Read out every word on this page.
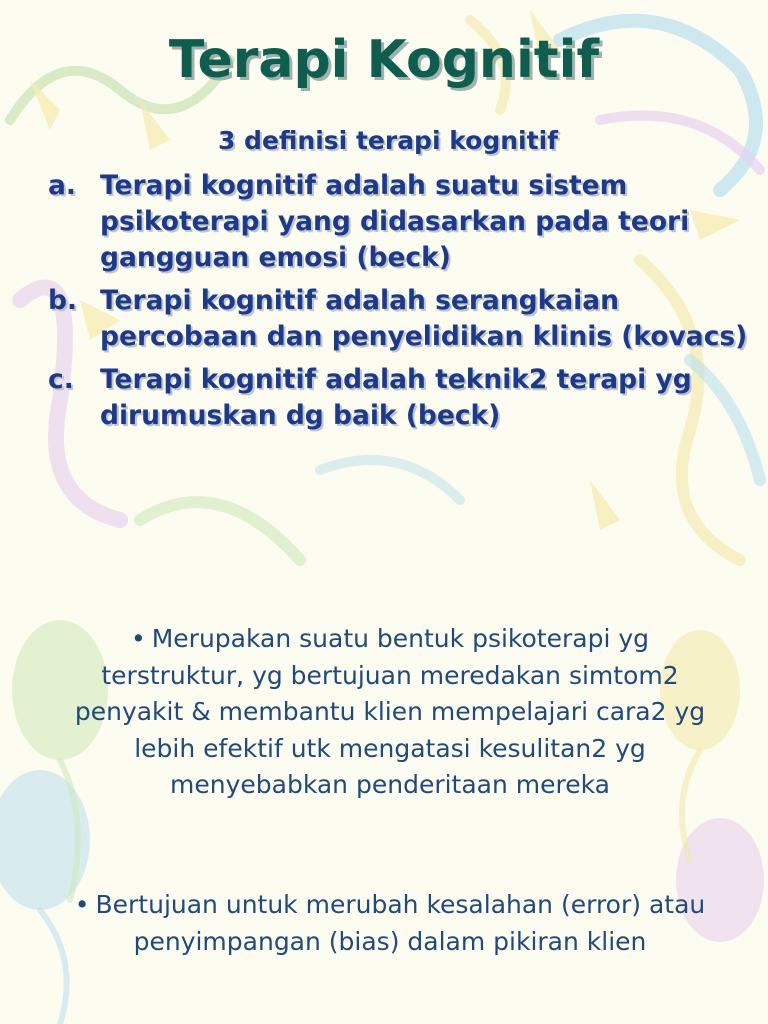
Terapi Kognitif
3 definisi terapi kognitif
a. Terapi kognitif adalah suatu sistem psikoterapi yang didasarkan pada teori gangguan emosi (beck)
b. Terapi kognitif adalah serangkaian percobaan dan penyelidikan klinis (kovacs)
c. Terapi kognitif adalah teknik2 terapi yg dirumuskan dg baik (beck)
• Merupakan suatu bentuk psikoterapi yg terstruktur, yg bertujuan meredakan simtom2 penyakit & membantu klien mempelajari cara2 yg lebih efektif utk mengatasi kesulitan2 yg menyebabkan penderitaan mereka
• Bertujuan untuk merubah kesalahan (error) atau penyimpangan (bias) dalam pikiran klien
